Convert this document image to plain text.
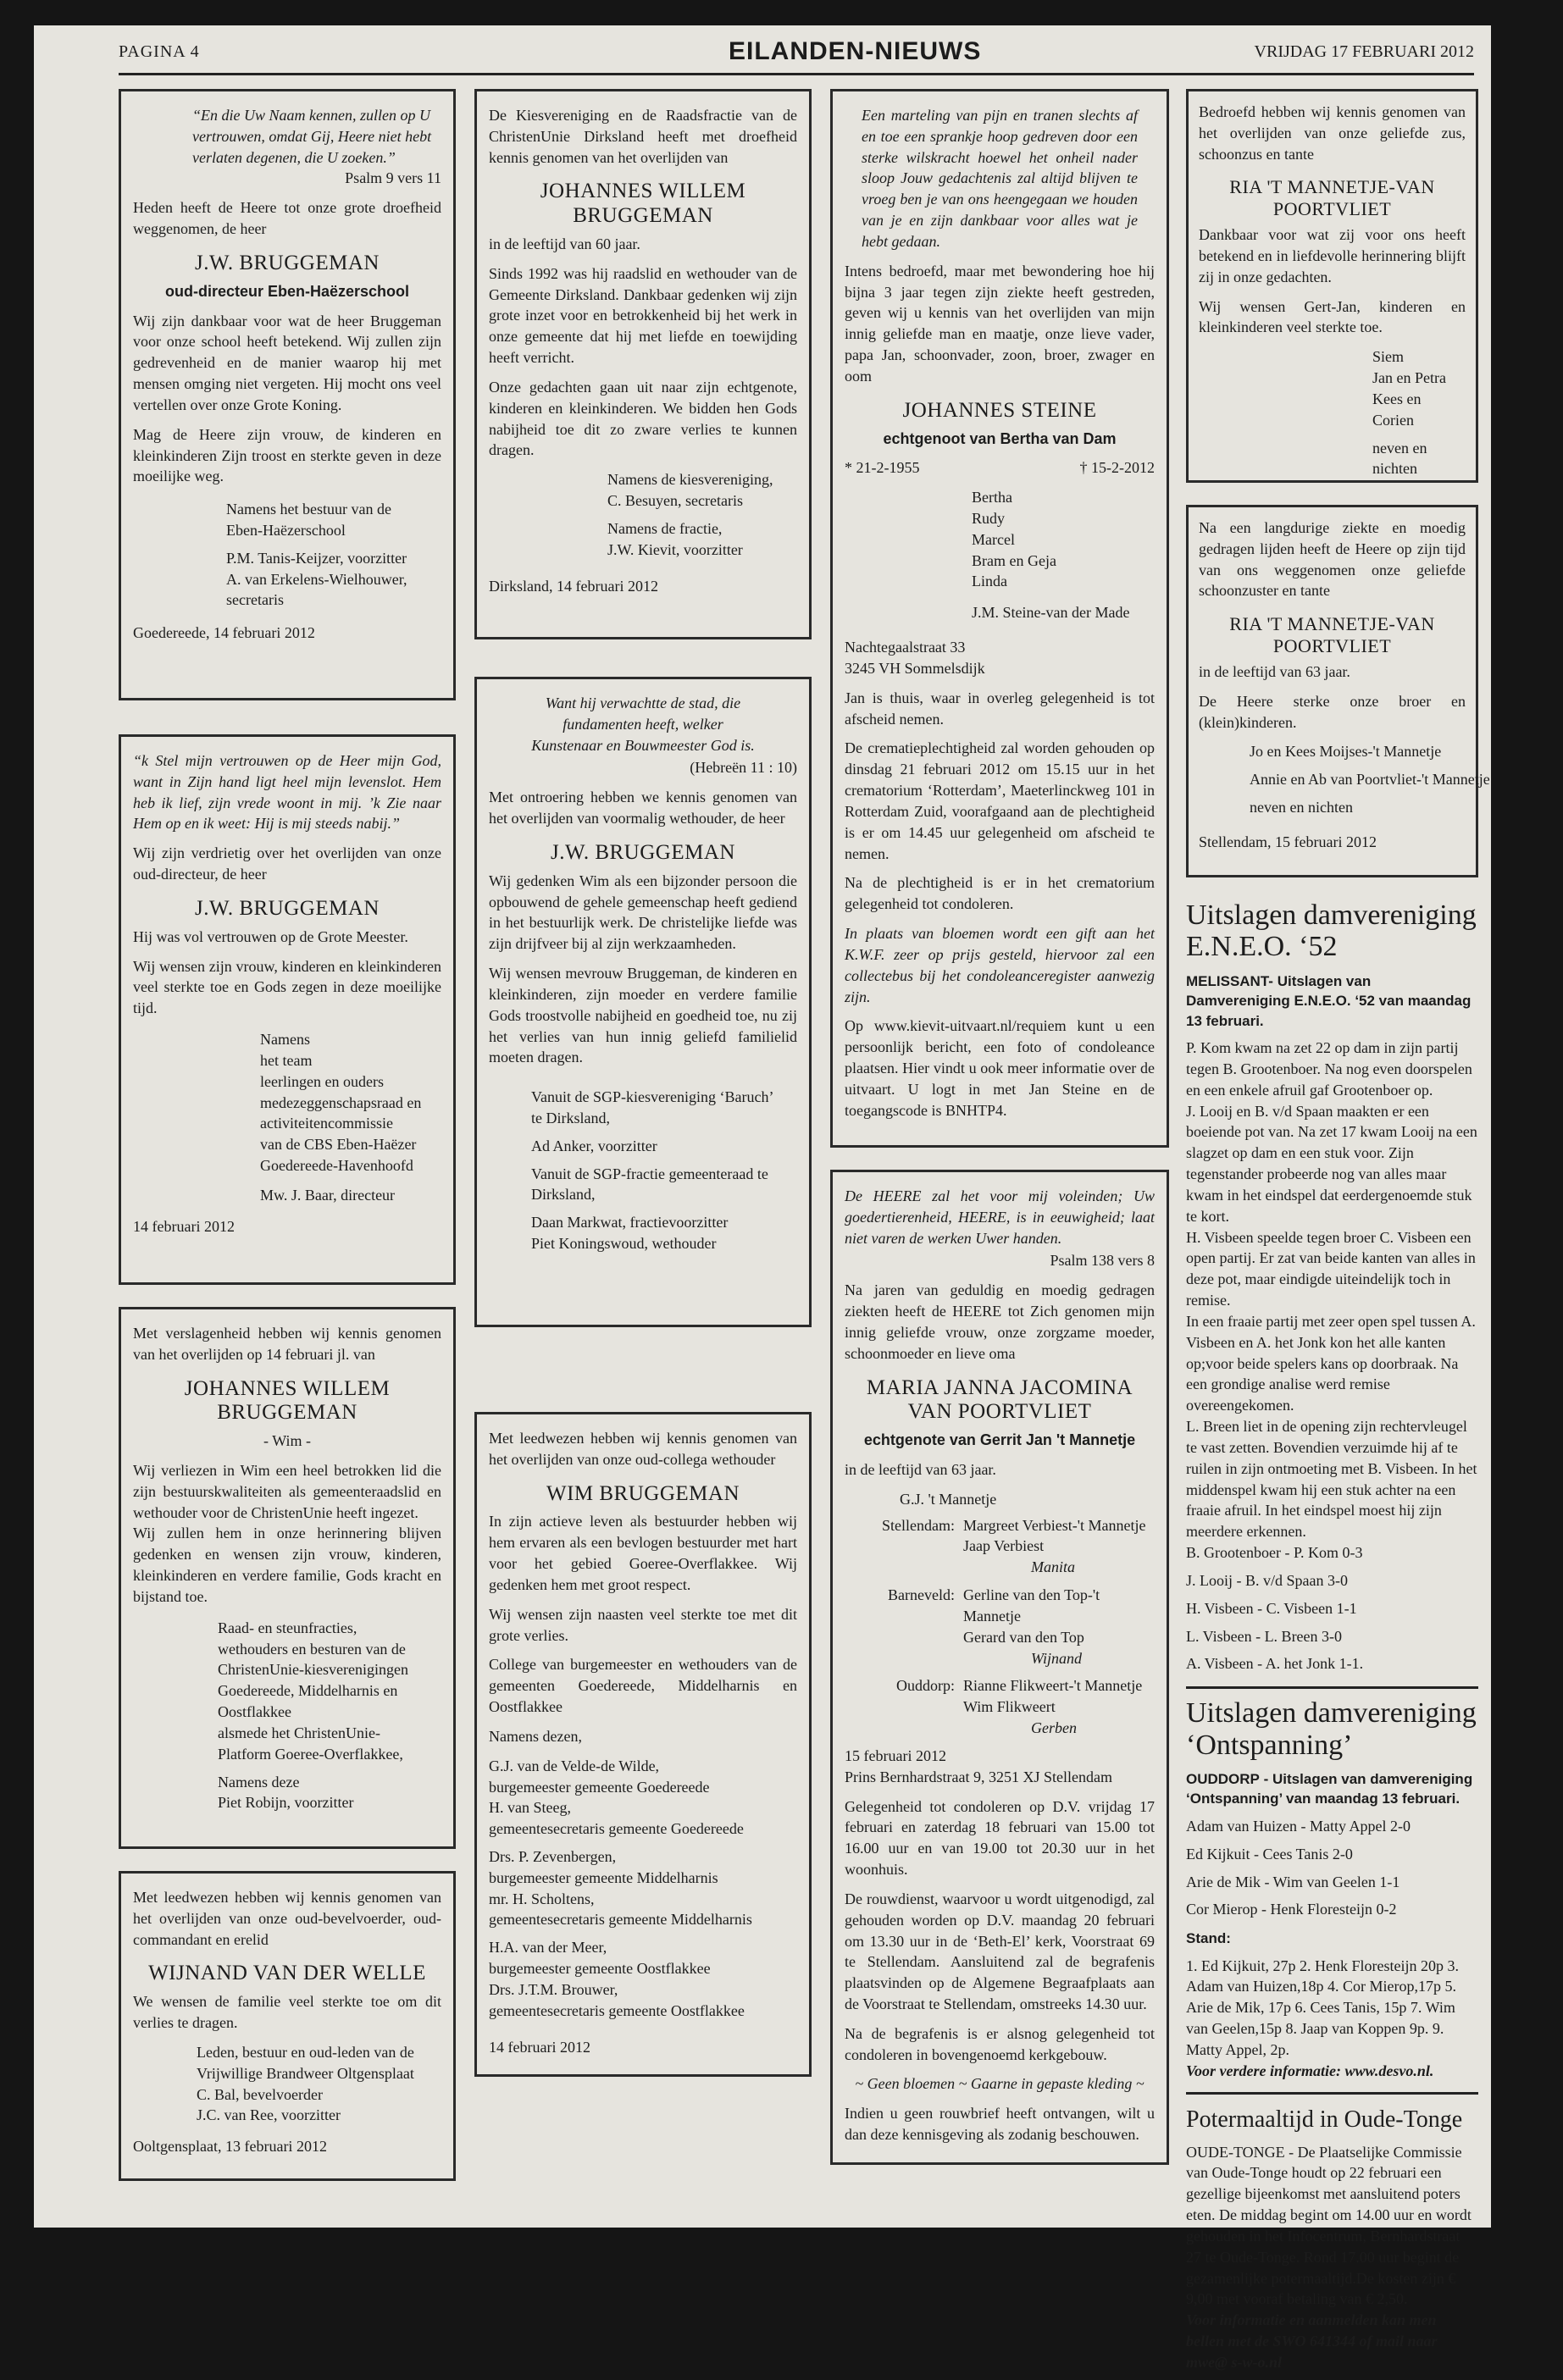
PAGINA 4	EILANDEN-NIEUWS	VRIJDAG 17 FEBRUARI 2012

“En die Uw Naam kennen, zullen op U vertrouwen, omdat Gij, Heere niet hebt verlaten degenen, die U zoeken.”

Psalm 9 vers 11

Heden heeft de Heere tot onze grote droefheid weggenomen, de heer

J.W. BRUGGEMAN

oud-directeur Eben-Haëzerschool

Wij zijn dankbaar voor wat de heer Bruggeman voor onze school heeft betekend. Wij zullen zijn gedrevenheid en de manier waarop hij met mensen omging niet vergeten. Hij mocht ons veel vertellen over onze Grote Koning.

Mag de Heere zijn vrouw, de kinderen en kleinkinderen Zijn troost en sterkte geven in deze moeilijke weg.

Namens het bestuur van de

Eben-Haëzerschool

P.M. Tanis-Keijzer, voorzitter

A. van Erkelens-Wielhouwer,

secretaris

Goedereede, 14 februari 2012

“k Stel mijn vertrouwen op de Heer mijn God, want in Zijn hand ligt heel mijn levenslot. Hem heb ik lief, zijn vrede woont in mij. ’k Zie naar Hem op en ik weet: Hij is mij steeds nabij.”

Wij zijn verdrietig over het overlijden van onze oud-directeur, de heer

J.W. BRUGGEMAN

Hij was vol vertrouwen op de Grote Meester.

Wij wensen zijn vrouw, kinderen en kleinkinderen veel sterkte toe en Gods zegen in deze moeilijke tijd.

Namens

het team

leerlingen en ouders

medezeggenschapsraad en

activiteitencommissie

van de CBS Eben-Haëzer

Goedereede-Havenhoofd

Mw. J. Baar, directeur

14 februari 2012

Met verslagenheid hebben wij kennis genomen van het overlijden op 14 februari jl. van

JOHANNES WILLEM BRUGGEMAN

- Wim -

Wij verliezen in Wim een heel betrokken lid die zijn bestuurskwaliteiten als gemeenteraadslid en wethouder voor de ChristenUnie heeft ingezet.

Wij zullen hem in onze herinnering blijven gedenken en wensen zijn vrouw, kinderen, kleinkinderen en verdere familie, Gods kracht en bijstand toe.

Raad- en steunfracties,

wethouders en besturen van de

ChristenUnie-kiesverenigingen

Goedereede, Middelharnis en Oostflakkee

alsmede het ChristenUnie-

Platform Goeree-Overflakkee,

Namens deze

Piet Robijn, voorzitter

Met leedwezen hebben wij kennis genomen van het overlijden van onze oud-bevelvoerder, oud-commandant en erelid

WIJNAND VAN DER WELLE

We wensen de familie veel sterkte toe om dit verlies te dragen.

Leden, bestuur en oud-leden van de

Vrijwillige Brandweer Oltgensplaat

C. Bal, bevelvoerder

J.C. van Ree, voorzitter

Ooltgensplaat, 13 februari 2012

De Kiesvereniging en de Raadsfractie van de ChristenUnie Dirksland heeft met droefheid kennis genomen van het overlijden van

JOHANNES WILLEM BRUGGEMAN

in de leeftijd van 60 jaar.

Sinds 1992 was hij raadslid en wethouder van de Gemeente Dirksland. Dankbaar gedenken wij zijn grote inzet voor en betrokkenheid bij het werk in onze gemeente dat hij met liefde en toewijding heeft verricht.

Onze gedachten gaan uit naar zijn echtgenote, kinderen en kleinkinderen. We bidden hen Gods nabijheid toe dit zo zware verlies te kunnen dragen.

Namens de kiesvereniging,

C. Besuyen, secretaris

Namens de fractie,

J.W. Kievit, voorzitter

Dirksland, 14 februari 2012

Want hij verwachtte de stad, die fundamenten heeft, welker Kunstenaar en Bouwmeester God is.

(Hebreën 11 : 10)

Met ontroering hebben we kennis genomen van het overlijden van voormalig wethouder, de heer

J.W. BRUGGEMAN

Wij gedenken Wim als een bijzonder persoon die opbouwend de gehele gemeenschap heeft gediend in het bestuurlijk werk. De christelijke liefde was zijn drijfveer bij al zijn werkzaamheden.

Wij wensen mevrouw Bruggeman, de kinderen en kleinkinderen, zijn moeder en verdere familie Gods troostvolle nabijheid en goedheid toe, nu zij het verlies van hun innig geliefd familielid moeten dragen.

Vanuit de SGP-kiesvereniging ‘Baruch’

te Dirksland,

Ad Anker, voorzitter

Vanuit de SGP-fractie gemeenteraad te

Dirksland,

Daan Markwat, fractievoorzitter

Piet Koningswoud, wethouder

Met leedwezen hebben wij kennis genomen van het overlijden van onze oud-collega wethouder

WIM BRUGGEMAN

In zijn actieve leven als bestuurder hebben wij hem ervaren als een bevlogen bestuurder met hart voor het gebied Goeree-Overflakkee. Wij gedenken hem met groot respect.

Wij wensen zijn naasten veel sterkte toe met dit grote verlies.

College van burgemeester en wethouders van de gemeenten Goedereede, Middelharnis en Oostflakkee

Namens dezen,

G.J. van de Velde-de Wilde,

burgemeester gemeente Goedereede

H. van Steeg,

gemeentesecretaris gemeente Goedereede

Drs. P. Zevenbergen,

burgemeester gemeente Middelharnis

mr. H. Scholtens,

gemeentesecretaris gemeente Middelharnis

H.A. van der Meer,

burgemeester gemeente Oostflakkee

Drs. J.T.M. Brouwer,

gemeentesecretaris gemeente Oostflakkee

14 februari 2012

Een marteling van pijn en tranen slechts af en toe een sprankje hoop gedreven door een sterke wilskracht hoewel het onheil nader sloop Jouw gedachtenis zal altijd blijven te vroeg ben je van ons heengegaan we houden van je en zijn dankbaar voor alles wat je hebt gedaan.

Intens bedroefd, maar met bewondering hoe hij bijna 3 jaar tegen zijn ziekte heeft gestreden, geven wij u kennis van het overlijden van mijn innig geliefde man en maatje, onze lieve vader, papa Jan, schoonvader, zoon, broer, zwager en oom

JOHANNES STEINE

echtgenoot van Bertha van Dam

* 21-2-1955	† 15-2-2012

Bertha

Rudy

Marcel

Bram en Geja

Linda

J.M. Steine-van der Made

Nachtegaalstraat 33

3245 VH Sommelsdijk

Jan is thuis, waar in overleg gelegenheid is tot afscheid nemen.

De crematieplechtigheid zal worden gehouden op dinsdag 21 februari 2012 om 15.15 uur in het crematorium ‘Rotterdam’, Maeterlinckweg 101 in Rotterdam Zuid, voorafgaand aan de plechtigheid is er om 14.45 uur gelegenheid om afscheid te nemen.

Na de plechtigheid is er in het crematorium gelegenheid tot condoleren.

In plaats van bloemen wordt een gift aan het K.W.F. zeer op prijs gesteld, hiervoor zal een collectebus bij het condoleanceregister aanwezig zijn.

Op www.kievit-uitvaart.nl/requiem kunt u een persoonlijk bericht, een foto of condoleance plaatsen. Hier vindt u ook meer informatie over de uitvaart. U logt in met Jan Steine en de toegangscode is BNHTP4.

De HEERE zal het voor mij voleinden; Uw goedertierenheid, HEERE, is in eeuwigheid; laat niet varen de werken Uwer handen.

Psalm 138 vers 8

Na jaren van geduldig en moedig gedragen ziekten heeft de HEERE tot Zich genomen mijn innig geliefde vrouw, onze zorgzame moeder, schoonmoeder en lieve oma

MARIA JANNA JACOMINA VAN POORTVLIET

echtgenote van Gerrit Jan 't Mannetje

in de leeftijd van 63 jaar.

G.J. 't Mannetje

Stellendam: Margreet Verbiest-'t Mannetje
Jaap Verbiest
Manita
Barneveld: Gerline van den Top-'t Mannetje
Gerard van den Top
Wijnand
Ouddorp: Rianne Flikweert-'t Mannetje
Wim Flikweert
Gerben

15 februari 2012

Prins Bernhardstraat 9, 3251 XJ Stellendam

Gelegenheid tot condoleren op D.V. vrijdag 17 februari en zaterdag 18 februari van 15.00 tot 16.00 uur en van 19.00 tot 20.30 uur in het woonhuis.

De rouwdienst, waarvoor u wordt uitgenodigd, zal gehouden worden op D.V. maandag 20 februari om 13.30 uur in de ‘Beth-El’ kerk, Voorstraat 69 te Stellendam. Aansluitend zal de begrafenis plaatsvinden op de Algemene Begraafplaats aan de Voorstraat te Stellendam, omstreeks 14.30 uur.

Na de begrafenis is er alsnog gelegenheid tot condoleren in bovengenoemd kerkgebouw.

~ Geen bloemen ~ Gaarne in gepaste kleding ~

Indien u geen rouwbrief heeft ontvangen, wilt u dan deze kennisgeving als zodanig beschouwen.

Bedroefd hebben wij kennis genomen van het overlijden van onze geliefde zus, schoonzus en tante

RIA 'T MANNETJE-VAN POORTVLIET

Dankbaar voor wat zij voor ons heeft betekend en in liefdevolle herinnering blijft zij in onze gedachten.

Wij wensen Gert-Jan, kinderen en kleinkinderen veel sterkte toe.

Siem

Jan en Petra

Kees en Corien

neven en nichten

Na een langdurige ziekte en moedig gedragen lijden heeft de Heere op zijn tijd van ons weggenomen onze geliefde schoonzuster en tante

RIA 'T MANNETJE-VAN POORTVLIET

in de leeftijd van 63 jaar.

De Heere sterke onze broer en (klein)kinderen.

Jo en Kees Moijses-'t Mannetje

Annie en Ab van Poortvliet-'t Mannetje

neven en nichten

Stellendam, 15 februari 2012

Uitslagen damvereniging E.N.E.O. ‘52

MELISSANT- Uitslagen van Damvereniging E.N.E.O. ‘52 van maandag 13 februari.

P. Kom kwam na zet 22 op dam in zijn partij tegen B. Grootenboer. Na nog even doorspelen en een enkele afruil gaf Grootenboer op.

J. Looij en B. v/d Spaan maakten er een boeiende pot van. Na zet 17 kwam Looij na een slagzet op dam en een stuk voor. Zijn tegenstander probeerde nog van alles maar kwam in het eindspel dat eerdergenoemde stuk te kort.

H. Visbeen speelde tegen broer C. Visbeen een open partij. Er zat van beide kanten van alles in deze pot, maar eindigde uiteindelijk toch in remise.

In een fraaie partij met zeer open spel tussen A. Visbeen en A. het Jonk kon het alle kanten op;voor beide spelers kans op doorbraak. Na een grondige analise werd remise overeengekomen.

L. Breen liet in de opening zijn rechtervleugel te vast zetten. Bovendien verzuimde hij af te ruilen in zijn ontmoeting met B. Visbeen. In het middenspel kwam hij een stuk achter na een fraaie afruil. In het eindspel moest hij zijn meerdere erkennen.

B. Grootenboer - P. Kom 0-3

J. Looij - B. v/d Spaan 3-0

H. Visbeen - C. Visbeen 1-1

L. Visbeen - L. Breen 3-0

A. Visbeen - A. het Jonk 1-1.

Uitslagen damvereniging ‘Ontspanning’

OUDDORP - Uitslagen van damvereniging ‘Ontspanning’ van maandag 13 februari.

Adam van Huizen - Matty Appel 2-0

Ed Kijkuit - Cees Tanis 2-0

Arie de Mik - Wim van Geelen 1-1

Cor Mierop - Henk Floresteijn 0-2

Stand:

1. Ed Kijkuit, 27p 2. Henk Floresteijn 20p 3. Adam van Huizen,18p 4. Cor Mierop,17p 5. Arie de Mik, 17p 6. Cees Tanis, 15p 7. Wim van Geelen,15p 8. Jaap van Koppen 9p. 9. Matty Appel, 2p.

Voor verdere informatie: www.desvo.nl.

Potermaaltijd in Oude-Tonge

OUDE-TONGE - De Plaatselijke Commissie van Oude-Tonge houdt op 22 februari een gezellige bijeenkomst met aansluitend poters eten. De middag begint om 14.00 uur en wordt gehouden in het Infocentrum, Bernhardstraat 27 te Oude-Tonge. Rond 17.00 uur begint de gezamenlijke potermaaltijd.De kosten zijn € 9,00 met vooraf betaling van € 2,50.

Voor informatie en aanmelden kan men bellen met de SWO 641344 of mail naar mwe@ s-w-o.nl
